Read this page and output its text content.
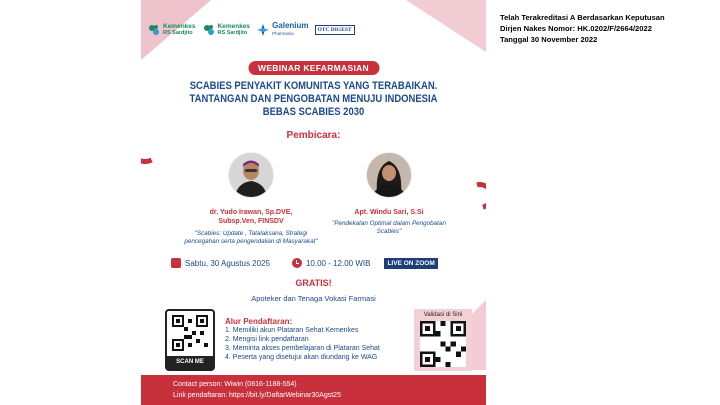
Telah Terakreditasi A Berdasarkan Keputusan
Dirjen Nakes Nomor: HK.0202/F/2664/2022
Tanggal 30 November 2022
Kemenkes
RS Sardjito
Kemenkes
RS Sardjito
Galenium
Pharmasia
OTC DIGEST
WEBINAR KEFARMASIAN
SCABIES PENYAKIT KOMUNITAS YANG TERABAIKAN.
TANTANGAN DAN PENGOBATAN MENUJU INDONESIA
BEBAS SCABIES 2030
Pembicara:
dr. Yudo Irawan, Sp.DVE,
Subsp.Ven, FINSDV
"Scabies: Update , Tatalaksana, Strategi
pencegahan serta pengendalian di Masyarakat"
Apt. Windu Sari, S.Si
"Pendekatan Optimal dalam Pengobatan
Scabies"
Sabtu, 30 Agustus 2025	10.00 - 12.00 WIB	LIVE ON ZOOM
GRATIS!
Apoteker dan Tenaga Vokasi Farmasi
SCAN ME
Alur Pendaftaran:
1. Memiliki akun Plataran Sehat Kemenkes
2. Mengisi link pendaftaran
3. Meminta akses pembelajaran di Plataran Sehat
4. Peserta yang disetujui akan diundang ke WAG
Validasi di Sini
Contact person: Wiwin (0816-1188-554)
Link pendaftaran: https://bit.ly/DaftarWebinar30Agst25
